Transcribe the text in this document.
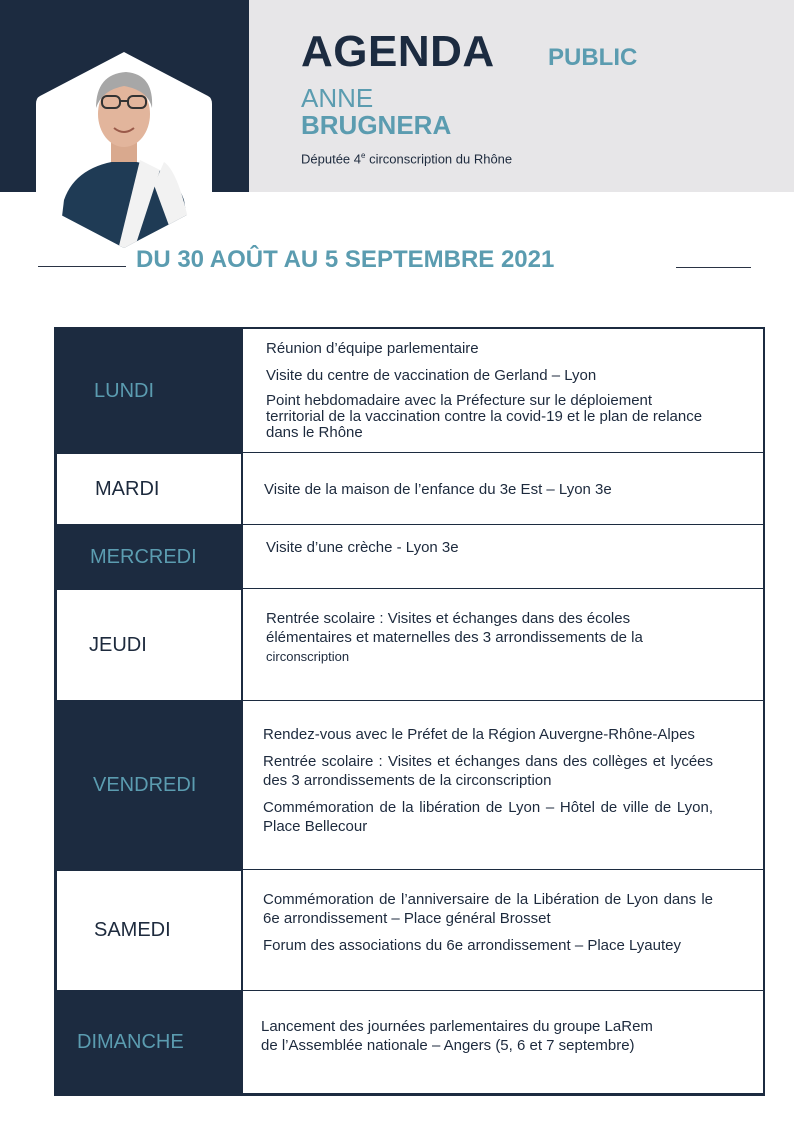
AGENDA PUBLIC
ANNE
BRUGNERA
Députée 4e circonscription du Rhône
DU 30 AOÛT AU 5 SEPTEMBRE 2021
LUNDI

Réunion d’équipe parlementaire

Visite du centre de vaccination de Gerland – Lyon

Point hebdomadaire avec la Préfecture sur le déploiement territorial de la vaccination contre la covid-19 et le plan de relance dans le Rhône

MARDI	Visite de la maison de l’enfance du 3e Est – Lyon 3e

MERCREDI	Visite d’une crèche - Lyon 3e

JEUDI

Rentrée scolaire : Visites et échanges dans des écoles élémentaires et maternelles des 3 arrondissements de la

circonscription

VENDREDI

Rendez-vous avec le Préfet de la Région Auvergne-Rhône-Alpes

Rentrée scolaire : Visites et échanges dans des collèges et lycées des 3 arrondissements de la circonscription

Commémoration de la libération de Lyon – Hôtel de ville de Lyon, Place Bellecour

SAMEDI

Commémoration de l’anniversaire de la Libération de Lyon dans le 6e arrondissement – Place général Brosset

Forum des associations du 6e arrondissement – Place Lyautey

DIMANCHE

Lancement des journées parlementaires du groupe LaRem

de l’Assemblée nationale – Angers (5, 6 et 7 septembre)
